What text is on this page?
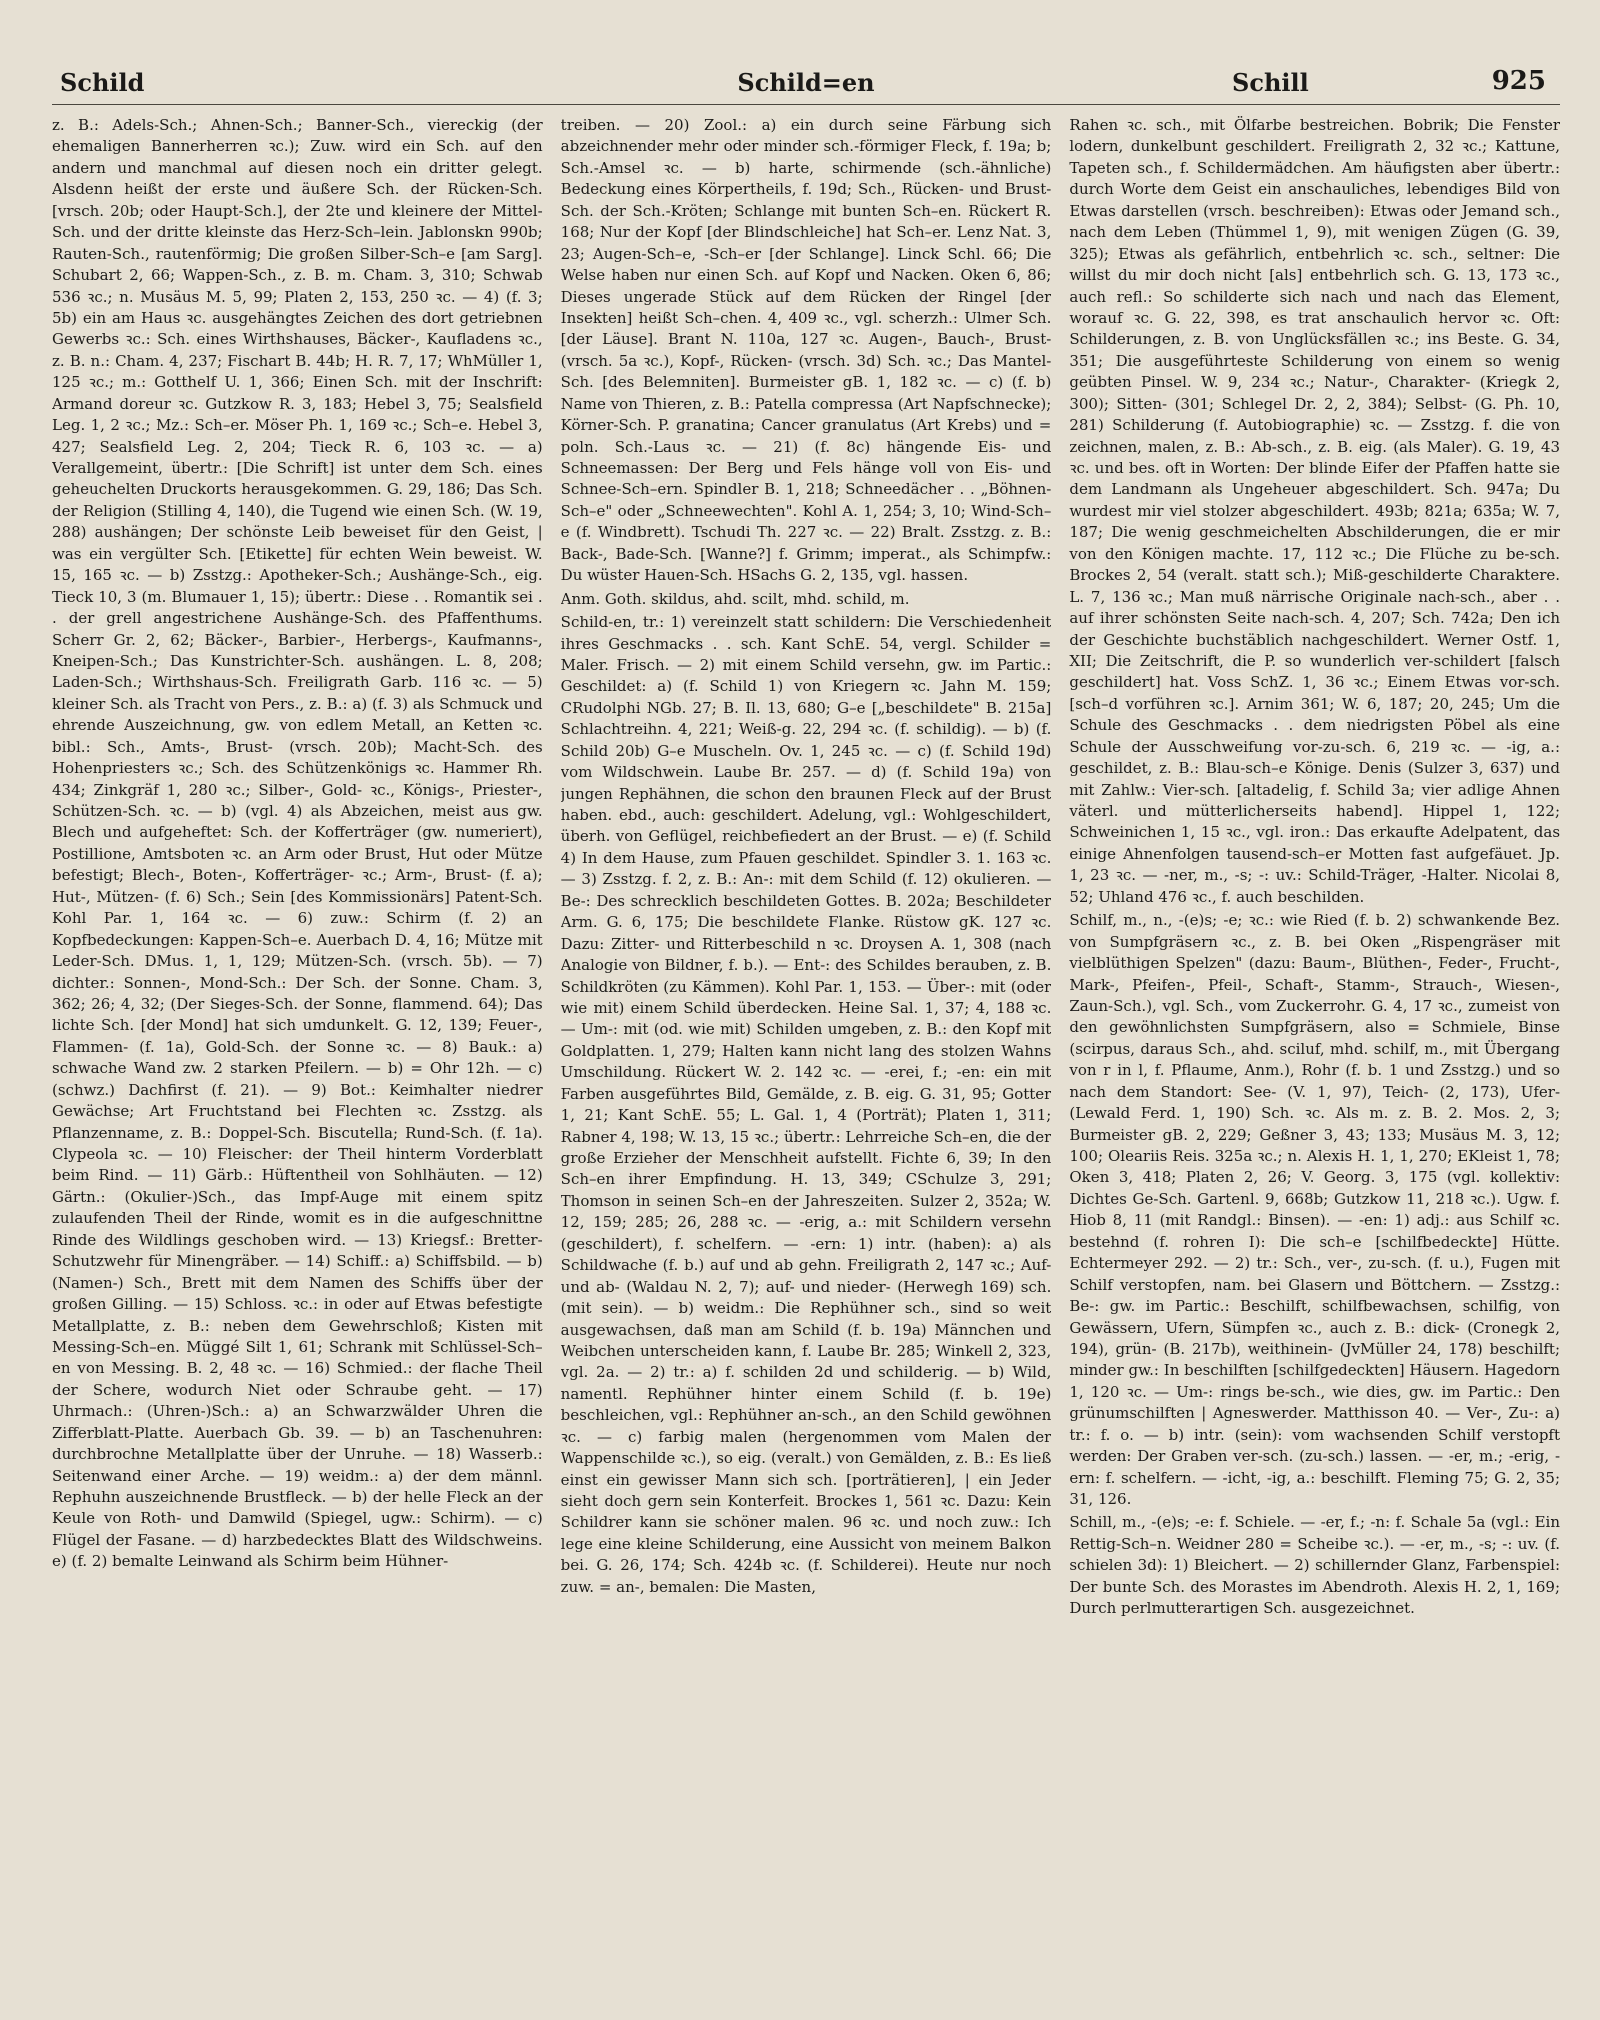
Schild	Schild=en	Schill	925

z. B.: Adels-Sch.; Ahnen-Sch.; Banner-Sch., viereckig (der ehemaligen Bannerherren ꝛc.); Zuw. wird ein Sch. auf den andern und manchmal auf diesen noch ein dritter gelegt. Alsdenn heißt der erste und äußere Sch. der Rücken-Sch. [vrsch. 20b; oder Haupt-Sch.], der 2te und kleinere der Mittel-Sch. und der dritte kleinste das Herz-Sch–lein. Jablonskn 990b; Rauten-Sch., rautenförmig; Die großen Silber-Sch–e [am Sarg]. Schubart 2, 66; Wappen-Sch., z. B. m. Cham. 3, 310; Schwab 536 ꝛc.; n. Musäus M. 5, 99; Platen 2, 153, 250 ꝛc. — 4) (f. 3; 5b) ein am Haus ꝛc. ausgehängtes Zeichen des dort getriebnen Gewerbs ꝛc.: Sch. eines Wirthshauses, Bäcker-, Kaufladens ꝛc., z. B. n.: Cham. 4, 237; Fischart B. 44b; H. R. 7, 17; WhMüller 1, 125 ꝛc.; m.: Gotthelf U. 1, 366; Einen Sch. mit der Inschrift: Armand doreur ꝛc. Gutzkow R. 3, 183; Hebel 3, 75; Sealsfield Leg. 1, 2 ꝛc.; Mz.: Sch–er. Möser Ph. 1, 169 ꝛc.; Sch–e. Hebel 3, 427; Sealsfield Leg. 2, 204; Tieck R. 6, 103 ꝛc. — a) Verallgemeint, übertr.: [Die Schrift] ist unter dem Sch. eines geheuchelten Druckorts herausgekommen. G. 29, 186; Das Sch. der Religion (Stilling 4, 140), die Tugend wie einen Sch. (W. 19, 288) aushängen; Der schönste Leib beweiset für den Geist, | was ein vergülter Sch. [Etikette] für echten Wein beweist. W. 15, 165 ꝛc. — b) Zsstzg.: Apotheker-Sch.; Aushänge-Sch., eig. Tieck 10, 3 (m. Blumauer 1, 15); übertr.: Diese . . Romantik sei . . der grell angestrichene Aushänge-Sch. des Pfaffenthums. Scherr Gr. 2, 62; Bäcker-, Barbier-, Herbergs-, Kaufmanns-, Kneipen-Sch.; Das Kunstrichter-Sch. aushängen. L. 8, 208; Laden-Sch.; Wirthshaus-Sch. Freiligrath Garb. 116 ꝛc. — 5) kleiner Sch. als Tracht von Pers., z. B.: a) (f. 3) als Schmuck und ehrende Auszeichnung, gw. von edlem Metall, an Ketten ꝛc. bibl.: Sch., Amts-, Brust- (vrsch. 20b); Macht-Sch. des Hohenpriesters ꝛc.; Sch. des Schützenkönigs ꝛc. Hammer Rh. 434; Zinkgräf 1, 280 ꝛc.; Silber-, Gold- ꝛc., Königs-, Priester-, Schützen-Sch. ꝛc. — b) (vgl. 4) als Abzeichen, meist aus gw. Blech und aufgeheftet: Sch. der Kofferträger (gw. numeriert), Postillione, Amtsboten ꝛc. an Arm oder Brust, Hut oder Mütze befestigt; Blech-, Boten-, Kofferträger- ꝛc.; Arm-, Brust- (f. a); Hut-, Mützen- (f. 6) Sch.; Sein [des Kommissionärs] Patent-Sch. Kohl Par. 1, 164 ꝛc. — 6) zuw.: Schirm (f. 2) an Kopfbedeckungen: Kappen-Sch–e. Auerbach D. 4, 16; Mütze mit Leder-Sch. DMus. 1, 1, 129; Mützen-Sch. (vrsch. 5b). — 7) dichter.: Sonnen-, Mond-Sch.: Der Sch. der Sonne. Cham. 3, 362; 26; 4, 32; (Der Sieges-Sch. der Sonne, flammend. 64); Das lichte Sch. [der Mond] hat sich umdunkelt. G. 12, 139; Feuer-, Flammen- (f. 1a), Gold-Sch. der Sonne ꝛc. — 8) Bauk.: a) schwache Wand zw. 2 starken Pfeilern. — b) = Ohr 12h. — c) (schwz.) Dachfirst (f. 21). — 9) Bot.: Keimhalter niedrer Gewächse; Art Fruchtstand bei Flechten ꝛc. Zsstzg. als Pflanzenname, z. B.: Doppel-Sch. Biscutella; Rund-Sch. (f. 1a). Clypeola ꝛc. — 10) Fleischer: der Theil hinterm Vorderblatt beim Rind. — 11) Gärb.: Hüftentheil von Sohlhäuten. — 12) Gärtn.: (Okulier-)Sch., das Impf-Auge mit einem spitz zulaufenden Theil der Rinde, womit es in die aufgeschnittne Rinde des Wildlings geschoben wird. — 13) Kriegsf.: Bretter-Schutzwehr für Minengräber. — 14) Schiff.: a) Schiffsbild. — b) (Namen-) Sch., Brett mit dem Namen des Schiffs über der großen Gilling. — 15) Schloss. ꝛc.: in oder auf Etwas befestigte Metallplatte, z. B.: neben dem Gewehrschloß; Kisten mit Messing-Sch–en. Müggé Silt 1, 61; Schrank mit Schlüssel-Sch–en von Messing. B. 2, 48 ꝛc. — 16) Schmied.: der flache Theil der Schere, wodurch Niet oder Schraube geht. — 17) Uhrmach.: (Uhren-)Sch.: a) an Schwarzwälder Uhren die Zifferblatt-Platte. Auerbach Gb. 39. — b) an Taschenuhren: durchbrochne Metallplatte über der Unruhe. — 18) Wasserb.: Seitenwand einer Arche. — 19) weidm.: a) der dem männl. Rephuhn auszeichnende Brustfleck. — b) der helle Fleck an der Keule von Roth- und Damwild (Spiegel, ugw.: Schirm). — c) Flügel der Fasane. — d) harzbedecktes Blatt des Wildschweins. e) (f. 2) bemalte Leinwand als Schirm beim Hühner-

treiben. — 20) Zool.: a) ein durch seine Färbung sich abzeichnender mehr oder minder sch.-förmiger Fleck, f. 19a; b; Sch.-Amsel ꝛc. — b) harte, schirmende (sch.-ähnliche) Bedeckung eines Körpertheils, f. 19d; Sch., Rücken- und Brust-Sch. der Sch.-Kröten; Schlange mit bunten Sch–en. Rückert R. 168; Nur der Kopf [der Blindschleiche] hat Sch–er. Lenz Nat. 3, 23; Augen-Sch–e, -Sch–er [der Schlange]. Linck Schl. 66; Die Welse haben nur einen Sch. auf Kopf und Nacken. Oken 6, 86; Dieses ungerade Stück auf dem Rücken der Ringel [der Insekten] heißt Sch–chen. 4, 409 ꝛc., vgl. scherzh.: Ulmer Sch. [der Läuse]. Brant N. 110a, 127 ꝛc. Augen-, Bauch-, Brust- (vrsch. 5a ꝛc.), Kopf-, Rücken- (vrsch. 3d) Sch. ꝛc.; Das Mantel-Sch. [des Belemniten]. Burmeister gB. 1, 182 ꝛc. — c) (f. b) Name von Thieren, z. B.: Patella compressa (Art Napfschnecke); Körner-Sch. P. granatina; Cancer granulatus (Art Krebs) und = poln. Sch.-Laus ꝛc. — 21) (f. 8c) hängende Eis- und Schneemassen: Der Berg und Fels hänge voll von Eis- und Schnee-Sch–ern. Spindler B. 1, 218; Schneedächer . . „Böhnen-Sch–e" oder „Schneewechten". Kohl A. 1, 254; 3, 10; Wind-Sch–e (f. Windbrett). Tschudi Th. 227 ꝛc. — 22) Bralt. Zsstzg. z. B.: Back-, Bade-Sch. [Wanne?] f. Grimm; imperat., als Schimpfw.: Du wüster Hauen-Sch. HSachs G. 2, 135, vgl. hassen.

Anm. Goth. skildus, ahd. scilt, mhd. schild, m.

Schild-en, tr.: 1) vereinzelt statt schildern: Die Verschiedenheit ihres Geschmacks . . sch. Kant SchE. 54, vergl. Schilder = Maler. Frisch. — 2) mit einem Schild versehn, gw. im Partic.: Geschildet: a) (f. Schild 1) von Kriegern ꝛc. Jahn M. 159; CRudolphi NGb. 27; B. Il. 13, 680; G–e [„beschildete" B. 215a] Schlachtreihn. 4, 221; Weiß-g. 22, 294 ꝛc. (f. schildig). — b) (f. Schild 20b) G–e Muscheln. Ov. 1, 245 ꝛc. — c) (f. Schild 19d) vom Wildschwein. Laube Br. 257. — d) (f. Schild 19a) von jungen Rephähnen, die schon den braunen Fleck auf der Brust haben. ebd., auch: geschildert. Adelung, vgl.: Wohlgeschildert, überh. von Geflügel, reichbefiedert an der Brust. — e) (f. Schild 4) In dem Hause, zum Pfauen geschildet. Spindler 3. 1. 163 ꝛc. — 3) Zsstzg. f. 2, z. B.: An-: mit dem Schild (f. 12) okulieren. — Be-: Des schrecklich beschildeten Gottes. B. 202a; Beschildeter Arm. G. 6, 175; Die beschildete Flanke. Rüstow gK. 127 ꝛc. Dazu: Zitter- und Ritterbeschild n ꝛc. Droysen A. 1, 308 (nach Analogie von Bildner, f. b.). — Ent-: des Schildes berauben, z. B. Schildkröten (zu Kämmen). Kohl Par. 1, 153. — Über-: mit (oder wie mit) einem Schild überdecken. Heine Sal. 1, 37; 4, 188 ꝛc. — Um-: mit (od. wie mit) Schilden umgeben, z. B.: den Kopf mit Goldplatten. 1, 279; Halten kann nicht lang des stolzen Wahns Umschildung. Rückert W. 2. 142 ꝛc. — -erei, f.; -en: ein mit Farben ausgeführtes Bild, Gemälde, z. B. eig. G. 31, 95; Gotter 1, 21; Kant SchE. 55; L. Gal. 1, 4 (Porträt); Platen 1, 311; Rabner 4, 198; W. 13, 15 ꝛc.; übertr.: Lehrreiche Sch–en, die der große Erzieher der Menschheit aufstellt. Fichte 6, 39; In den Sch–en ihrer Empfindung. H. 13, 349; CSchulze 3, 291; Thomson in seinen Sch–en der Jahreszeiten. Sulzer 2, 352a; W. 12, 159; 285; 26, 288 ꝛc. — -erig, a.: mit Schildern versehn (geschildert), f. schelfern. — -ern: 1) intr. (haben): a) als Schildwache (f. b.) auf und ab gehn. Freiligrath 2, 147 ꝛc.; Auf- und ab- (Waldau N. 2, 7); auf- und nieder- (Herwegh 169) sch. (mit sein). — b) weidm.: Die Rephühner sch., sind so weit ausgewachsen, daß man am Schild (f. b. 19a) Männchen und Weibchen unterscheiden kann, f. Laube Br. 285; Winkell 2, 323, vgl. 2a. — 2) tr.: a) f. schilden 2d und schilderig. — b) Wild, namentl. Rephühner hinter einem Schild (f. b. 19e) beschleichen, vgl.: Rephühner an-sch., an den Schild gewöhnen ꝛc. — c) farbig malen (hergenommen vom Malen der Wappenschilde ꝛc.), so eig. (veralt.) von Gemälden, z. B.: Es ließ einst ein gewisser Mann sich sch. [porträtieren], | ein Jeder sieht doch gern sein Konterfeit. Brockes 1, 561 ꝛc. Dazu: Kein Schildrer kann sie schöner malen. 96 ꝛc. und noch zuw.: Ich lege eine kleine Schilderung, eine Aussicht von meinem Balkon bei. G. 26, 174; Sch. 424b ꝛc. (f. Schilderei). Heute nur noch zuw. = an-, bemalen: Die Masten,

Rahen ꝛc. sch., mit Ölfarbe bestreichen. Bobrik; Die Fenster lodern, dunkelbunt geschildert. Freiligrath 2, 32 ꝛc.; Kattune, Tapeten sch., f. Schildermädchen. Am häufigsten aber übertr.: durch Worte dem Geist ein anschauliches, lebendiges Bild von Etwas darstellen (vrsch. beschreiben): Etwas oder Jemand sch., nach dem Leben (Thümmel 1, 9), mit wenigen Zügen (G. 39, 325); Etwas als gefährlich, entbehrlich ꝛc. sch., seltner: Die willst du mir doch nicht [als] entbehrlich sch. G. 13, 173 ꝛc., auch refl.: So schilderte sich nach und nach das Element, worauf ꝛc. G. 22, 398, es trat anschaulich hervor ꝛc. Oft: Schilderungen, z. B. von Unglücksfällen ꝛc.; ins Beste. G. 34, 351; Die ausgeführteste Schilderung von einem so wenig geübten Pinsel. W. 9, 234 ꝛc.; Natur-, Charakter- (Kriegk 2, 300); Sitten- (301; Schlegel Dr. 2, 2, 384); Selbst- (G. Ph. 10, 281) Schilderung (f. Autobiographie) ꝛc. — Zsstzg. f. die von zeichnen, malen, z. B.: Ab-sch., z. B. eig. (als Maler). G. 19, 43 ꝛc. und bes. oft in Worten: Der blinde Eifer der Pfaffen hatte sie dem Landmann als Ungeheuer abgeschildert. Sch. 947a; Du wurdest mir viel stolzer abgeschildert. 493b; 821a; 635a; W. 7, 187; Die wenig geschmeichelten Abschilderungen, die er mir von den Königen machte. 17, 112 ꝛc.; Die Flüche zu be-sch. Brockes 2, 54 (veralt. statt sch.); Miß-geschilderte Charaktere. L. 7, 136 ꝛc.; Man muß närrische Originale nach-sch., aber . . auf ihrer schönsten Seite nach-sch. 4, 207; Sch. 742a; Den ich der Geschichte buchstäblich nachgeschildert. Werner Ostf. 1, XII; Die Zeitschrift, die P. so wunderlich ver-schildert [falsch geschildert] hat. Voss SchZ. 1, 36 ꝛc.; Einem Etwas vor-sch. [sch–d vorführen ꝛc.]. Arnim 361; W. 6, 187; 20, 245; Um die Schule des Geschmacks . . dem niedrigsten Pöbel als eine Schule der Ausschweifung vor-zu-sch. 6, 219 ꝛc. — -ig, a.: geschildet, z. B.: Blau-sch–e Könige. Denis (Sulzer 3, 637) und mit Zahlw.: Vier-sch. [altadelig, f. Schild 3a; vier adlige Ahnen väterl. und mütterlicherseits habend]. Hippel 1, 122; Schweinichen 1, 15 ꝛc., vgl. iron.: Das erkaufte Adelpatent, das einige Ahnenfolgen tausend-sch–er Motten fast aufgefäuet. Jp. 1, 23 ꝛc. — -ner, m., -s; -: uv.: Schild-Träger, -Halter. Nicolai 8, 52; Uhland 476 ꝛc., f. auch beschilden.

Schilf, m., n., -(e)s; -e; ꝛc.: wie Ried (f. b. 2) schwankende Bez. von Sumpfgräsern ꝛc., z. B. bei Oken „Rispengräser mit vielblüthigen Spelzen" (dazu: Baum-, Blüthen-, Feder-, Frucht-, Mark-, Pfeifen-, Pfeil-, Schaft-, Stamm-, Strauch-, Wiesen-, Zaun-Sch.), vgl. Sch., vom Zuckerrohr. G. 4, 17 ꝛc., zumeist von den gewöhnlichsten Sumpfgräsern, also = Schmiele, Binse (scirpus, daraus Sch., ahd. sciluf, mhd. schilf, m., mit Übergang von r in l, f. Pflaume, Anm.), Rohr (f. b. 1 und Zsstzg.) und so nach dem Standort: See- (V. 1, 97), Teich- (2, 173), Ufer- (Lewald Ferd. 1, 190) Sch. ꝛc. Als m. z. B. 2. Mos. 2, 3; Burmeister gB. 2, 229; Geßner 3, 43; 133; Musäus M. 3, 12; 100; Oleariis Reis. 325a ꝛc.; n. Alexis H. 1, 1, 270; EKleist 1, 78; Oken 3, 418; Platen 2, 26; V. Georg. 3, 175 (vgl. kollektiv: Dichtes Ge-Sch. Gartenl. 9, 668b; Gutzkow 11, 218 ꝛc.). Ugw. f. Hiob 8, 11 (mit Randgl.: Binsen). — -en: 1) adj.: aus Schilf ꝛc. bestehnd (f. rohren I): Die sch–e [schilfbedeckte] Hütte. Echtermeyer 292. — 2) tr.: Sch., ver-, zu-sch. (f. u.), Fugen mit Schilf verstopfen, nam. bei Glasern und Böttchern. — Zsstzg.: Be-: gw. im Partic.: Beschilft, schilfbewachsen, schilfig, von Gewässern, Ufern, Sümpfen ꝛc., auch z. B.: dick- (Cronegk 2, 194), grün- (B. 217b), weithinein- (JvMüller 24, 178) beschilft; minder gw.: In beschilften [schilfgedeckten] Häusern. Hagedorn 1, 120 ꝛc. — Um-: rings be-sch., wie dies, gw. im Partic.: Den grünumschilften | Agneswerder. Matthisson 40. — Ver-, Zu-: a) tr.: f. o. — b) intr. (sein): vom wachsenden Schilf verstopft werden: Der Graben ver-sch. (zu-sch.) lassen. — -er, m.; -erig, -ern: f. schelfern. — -icht, -ig, a.: beschilft. Fleming 75; G. 2, 35; 31, 126.

Schill, m., -(e)s; -e: f. Schiele. — -er, f.; -n: f. Schale 5a (vgl.: Ein Rettig-Sch–n. Weidner 280 = Scheibe ꝛc.). — -er, m., -s; -: uv. (f. schielen 3d): 1) Bleichert. — 2) schillernder Glanz, Farbenspiel: Der bunte Sch. des Morastes im Abendroth. Alexis H. 2, 1, 169; Durch perlmutterartigen Sch. ausgezeichnet.
